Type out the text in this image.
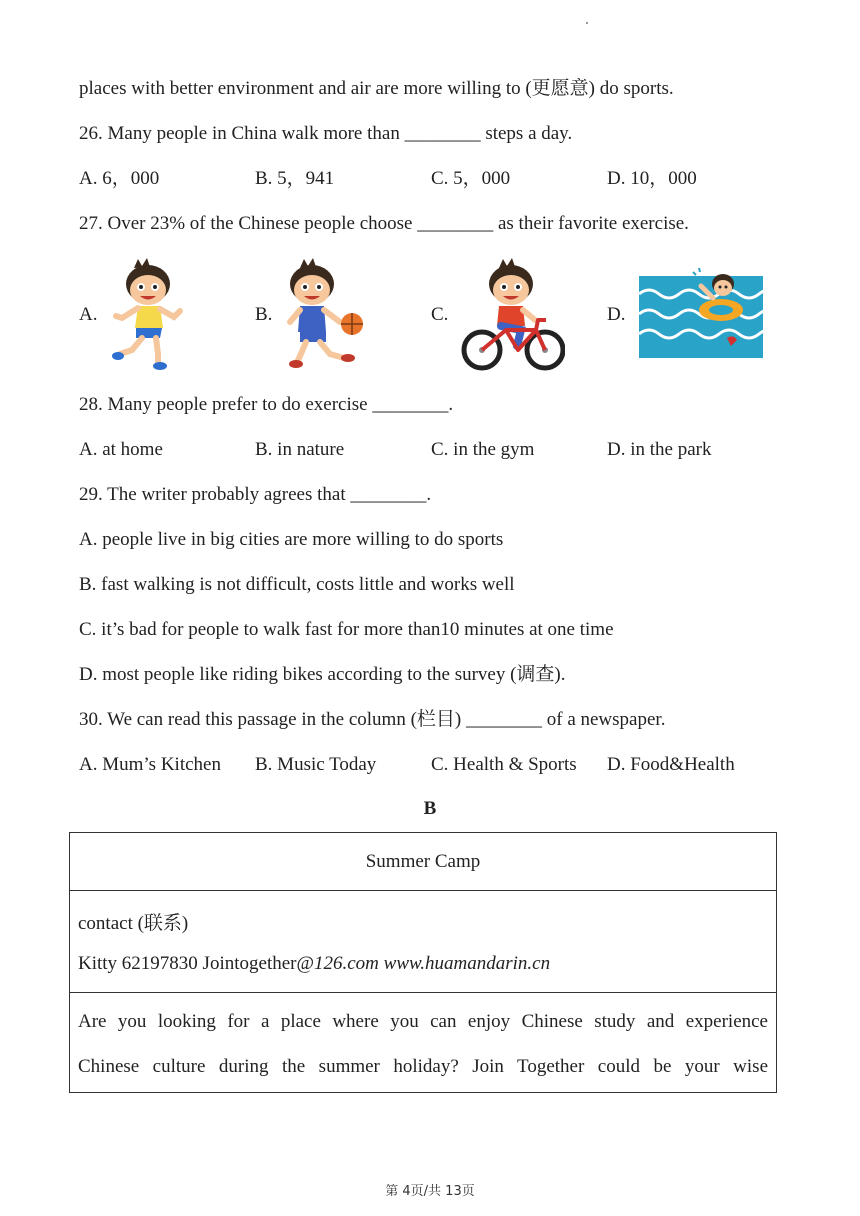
places with better environment and air are more willing to (更愿意) do sports.
26. Many people in China walk more than ________ steps a day.
A. 6，000	B. 5，941	C. 5，000	D. 10，000
27. Over 23% of the Chinese people choose ________ as their favorite exercise.
A.	B.	C.	D.
28. Many people prefer to do exercise ________.
A. at home	B. in nature	C. in the gym	D. in the park
29. The writer probably agrees that ________.
A. people live in big cities are more willing to do sports
B. fast walking is not difficult, costs little and works well
C. it’s bad for people to walk fast for more than10 minutes at one time
D. most people like riding bikes according to the survey (调查).
30. We can read this passage in the column (栏目) ________ of a newspaper.
A. Mum’s Kitchen B. Music Today	C. Health & Sports D. Food&Health
B
Summer Camp
contact (联系)
Kitty 62197830 Jointogether@126.com www.huamandarin.cn
Are you looking for a place where you can enjoy Chinese study and experience
Chinese culture during the summer holiday? Join Together could be your wise
第 4页/共 13页
